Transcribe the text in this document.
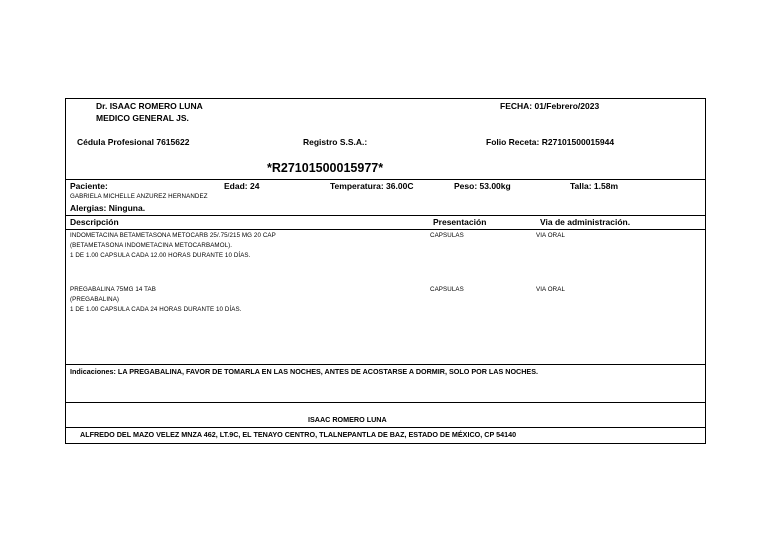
Dr. ISAAC ROMERO LUNA
MEDICO GENERAL JS.
FECHA: 01/Febrero/2023
Cédula Profesional 7615622	Registro S.S.A.:	Folio Receta: R27101500015944
*R27101500015977*
Paciente:	Edad: 24	Temperatura: 36.00C	Peso: 53.00kg	Talla: 1.58m
GABRIELA MICHELLE ANZUREZ HERNANDEZ
Alergias: Ninguna.
Descripción	Presentación	Via de administración.
INDOMETACINA BETAMETASONA METOCARB 25/.75/215 MG 20 CAP
(BETAMETASONA INDOMETACINA METOCARBAMOL).
1 DE 1.00 CAPSULA CADA 12.00 HORAS DURANTE 10 DÍAS.
CAPSULAS	VIA ORAL
PREGABALINA 75MG 14 TAB
(PREGABALINA)
1 DE 1.00 CAPSULA CADA 24 HORAS DURANTE 10 DÍAS.
CAPSULAS	VIA ORAL
Indicaciones: LA PREGABALINA, FAVOR DE TOMARLA EN LAS NOCHES, ANTES DE ACOSTARSE A DORMIR, SOLO POR LAS NOCHES.
ISAAC ROMERO LUNA
ALFREDO DEL MAZO VELEZ MNZA 462, LT.9C, EL TENAYO CENTRO, TLALNEPANTLA DE BAZ, ESTADO DE MÉXICO, CP 54140
